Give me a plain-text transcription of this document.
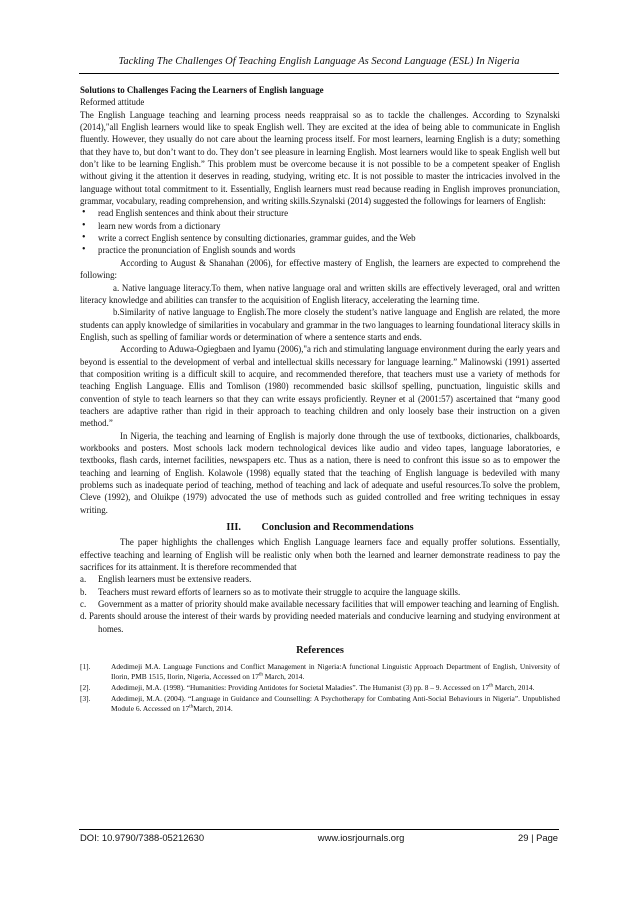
Tackling The Challenges Of Teaching English Language As Second Language (ESL) In Nigeria

Solutions to Challenges Facing the Learners of English language

Reformed attitude

The English Language teaching and learning process needs reappraisal so as to tackle the challenges. According to Szynalski (2014),"all English learners would like to speak English well. They are excited at the idea of being able to communicate in English fluently. However, they usually do not care about the learning process itself. For most learners, learning English is a duty; something that they have to, but don’t want to do. They don’t see pleasure in learning English. Most learners would like to speak English well but don’t like to be learning English.” This problem must be overcome because it is not possible to be a competent speaker of English without giving it the attention it deserves in reading, studying, writing etc. It is not possible to master the intricacies involved in the language without total commitment to it. Essentially, English learners must read because reading in English improves pronunciation, grammar, vocabulary, reading comprehension, and writing skills.Szynalski (2014) suggested the followings for learners of English:

• read English sentences and think about their structure
• learn new words from a dictionary
• write a correct English sentence by consulting dictionaries, grammar guides, and the Web
• practice the pronunciation of English sounds and words

According to August & Shanahan (2006), for effective mastery of English, the learners are expected to comprehend the following:

a. Native language literacy.To them, when native language oral and written skills are effectively leveraged, oral and written literacy knowledge and abilities can transfer to the acquisition of English literacy, accelerating the learning time.

b.Similarity of native language to English.The more closely the student’s native language and English are related, the more students can apply knowledge of similarities in vocabulary and grammar in the two languages to learning foundational literacy skills in English, such as spelling of familiar words or determination of where a sentence starts and ends.

According to Aduwa-Ogiegbaen and Iyamu (2006),"a rich and stimulating language environment during the early years and beyond is essential to the development of verbal and intellectual skills necessary for language learning.” Malinowski (1991) asserted that composition writing is a difficult skill to acquire, and recommended therefore, that teachers must use a variety of methods for teaching English Language. Ellis and Tomlison (1980) recommended basic skillsof spelling, punctuation, linguistic skills and convention of style to teach learners so that they can write essays proficiently. Reyner et al (2001:57) ascertained that “many good teachers are adaptive rather than rigid in their approach to teaching children and only loosely base their instruction on a given method.”

In Nigeria, the teaching and learning of English is majorly done through the use of textbooks, dictionaries, chalkboards, workbooks and posters. Most schools lack modern technological devices like audio and video tapes, language laboratories, e textbooks, flash cards, internet facilities, newspapers etc. Thus as a nation, there is need to confront this issue so as to empower the teaching and learning of English. Kolawole (1998) equally stated that the teaching of English language is bedeviled with many problems such as inadequate period of teaching, method of teaching and lack of adequate and useful resources.To solve the problem, Cleve (1992), and Oluikpe (1979) advocated the use of methods such as guided controlled and free writing techniques in essay writing.

III. Conclusion and Recommendations

The paper highlights the challenges which English Language learners face and equally proffer solutions. Essentially, effective teaching and learning of English will be realistic only when both the learned and learner demonstrate readiness to pay the sacrifices for its attainment. It is therefore recommended that

a.	English learners must be extensive readers.
b.	Teachers must reward efforts of learners so as to motivate their struggle to acquire the language skills.
c.	Government as a matter of priority should make available necessary facilities that will empower teaching and learning of English.

d. Parents should arouse the interest of their wards by providing needed materials and conducive learning and studying environment at homes.

References
[1].	Adedimeji M.A. Language Functions and Conflict Management in Nigeria:A functional Linguistic Approach Department of English, University of Ilorin, PMB 1515, Ilorin, Nigeria, Accessed on 17th March, 2014.
[2].	Adedimeji, M.A. (1998). “Humanities: Providing Antidotes for Societal Maladies”. The Humanist (3) pp. 8 – 9. Accessed on 17th March, 2014.
[3].	Adedimeji, M.A. (2004). “Language in Guidance and Counselling: A Psychotherapy for Combating Anti-Social Behaviours in Nigeria”. Unpublished Module 6. Accessed on 17thMarch, 2014.
DOI: 10.9790/7388-05212630	www.iosrjournals.org	29 | Page
